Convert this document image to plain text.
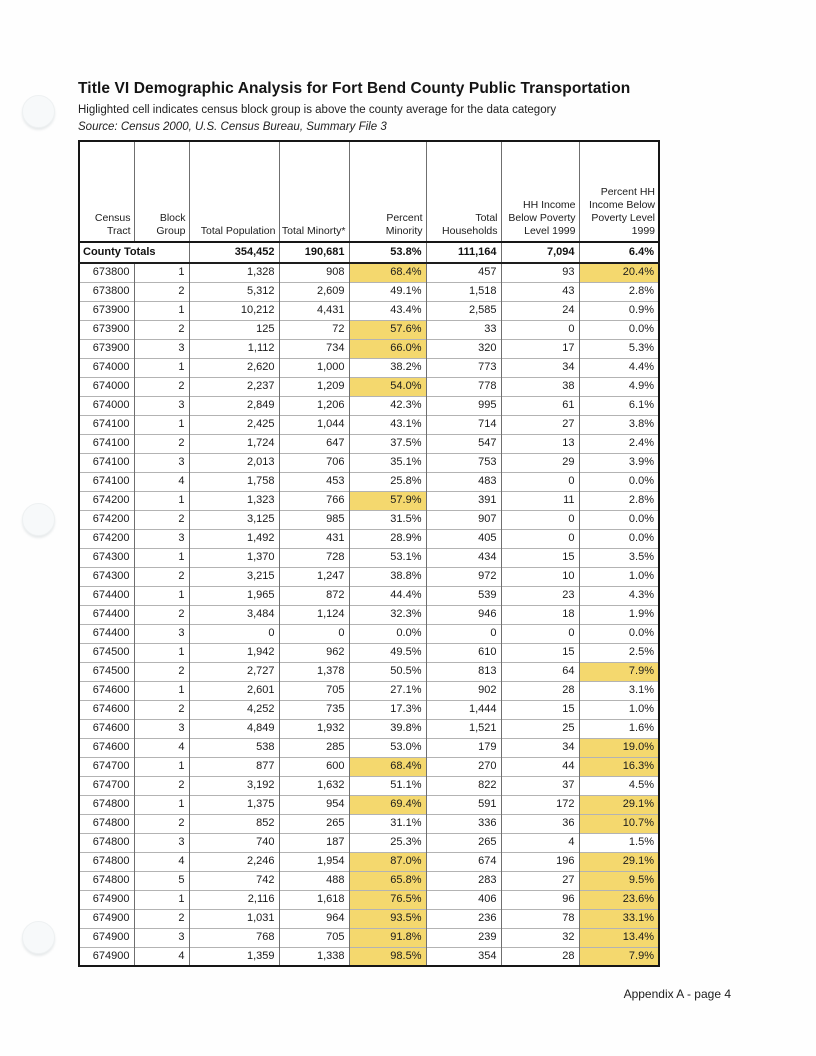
Title VI Demographic Analysis for Fort Bend County Public Transportation
Higlighted cell indicates census block group is above the county average for the data category
Source: Census 2000, U.S. Census Bureau, Summary File 3
Census Tract	Block Group	Total Population	Total Minorty*	Percent Minority	Total Households	HH Income Below Poverty Level 1999	Percent HH Income Below Poverty Level 1999
County Totals		354,452	190,681	53.8%	111,164	7,094	6.4%
673800	1	1,328	908	68.4%	457	93	20.4%
673800	2	5,312	2,609	49.1%	1,518	43	2.8%
673900	1	10,212	4,431	43.4%	2,585	24	0.9%
673900	2	125	72	57.6%	33	0	0.0%
673900	3	1,112	734	66.0%	320	17	5.3%
674000	1	2,620	1,000	38.2%	773	34	4.4%
674000	2	2,237	1,209	54.0%	778	38	4.9%
674000	3	2,849	1,206	42.3%	995	61	6.1%
674100	1	2,425	1,044	43.1%	714	27	3.8%
674100	2	1,724	647	37.5%	547	13	2.4%
674100	3	2,013	706	35.1%	753	29	3.9%
674100	4	1,758	453	25.8%	483	0	0.0%
674200	1	1,323	766	57.9%	391	11	2.8%
674200	2	3,125	985	31.5%	907	0	0.0%
674200	3	1,492	431	28.9%	405	0	0.0%
674300	1	1,370	728	53.1%	434	15	3.5%
674300	2	3,215	1,247	38.8%	972	10	1.0%
674400	1	1,965	872	44.4%	539	23	4.3%
674400	2	3,484	1,124	32.3%	946	18	1.9%
674400	3	0	0	0.0%	0	0	0.0%
674500	1	1,942	962	49.5%	610	15	2.5%
674500	2	2,727	1,378	50.5%	813	64	7.9%
674600	1	2,601	705	27.1%	902	28	3.1%
674600	2	4,252	735	17.3%	1,444	15	1.0%
674600	3	4,849	1,932	39.8%	1,521	25	1.6%
674600	4	538	285	53.0%	179	34	19.0%
674700	1	877	600	68.4%	270	44	16.3%
674700	2	3,192	1,632	51.1%	822	37	4.5%
674800	1	1,375	954	69.4%	591	172	29.1%
674800	2	852	265	31.1%	336	36	10.7%
674800	3	740	187	25.3%	265	4	1.5%
674800	4	2,246	1,954	87.0%	674	196	29.1%
674800	5	742	488	65.8%	283	27	9.5%
674900	1	2,116	1,618	76.5%	406	96	23.6%
674900	2	1,031	964	93.5%	236	78	33.1%
674900	3	768	705	91.8%	239	32	13.4%
674900	4	1,359	1,338	98.5%	354	28	7.9%
Appendix A - page 4
